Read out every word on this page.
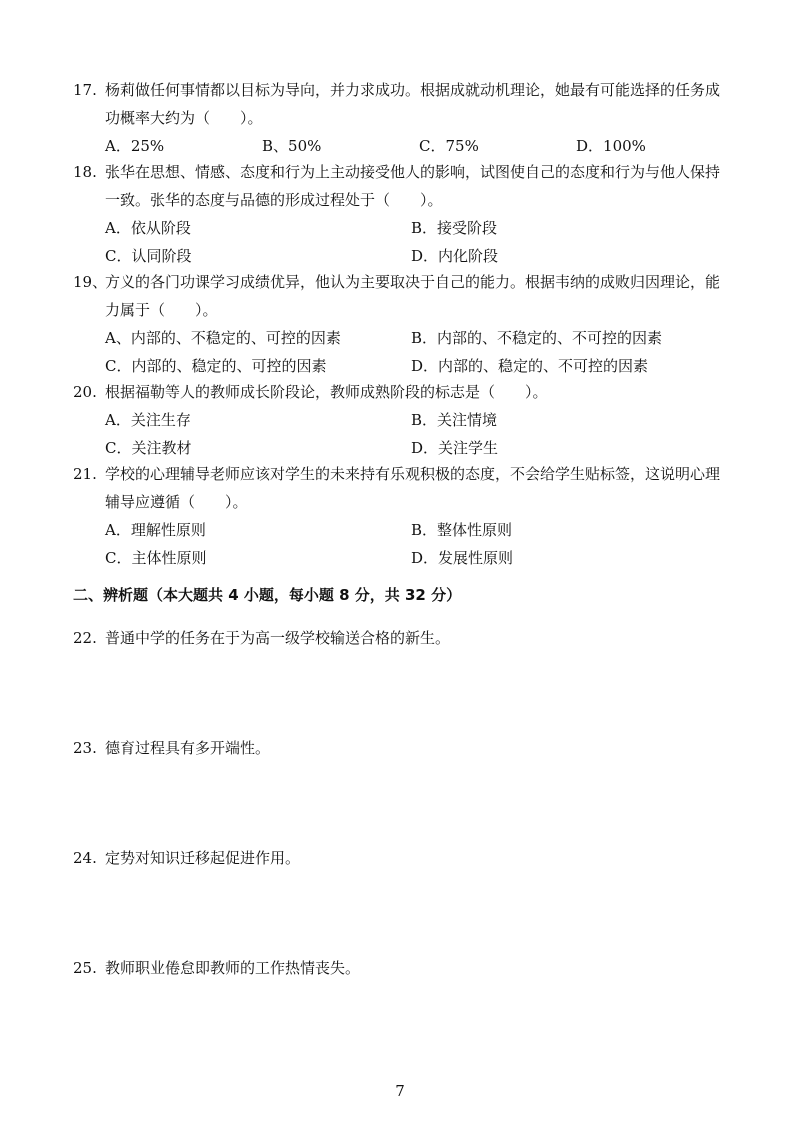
17. 杨莉做任何事情都以目标为导向，并力求成功。根据成就动机理论，她最有可能选择的任务成功概率大约为（　　）。
A．25%	B、50%	C．75%	D．100%
18. 张华在思想、情感、态度和行为上主动接受他人的影响，试图使自己的态度和行为与他人保持一致。张华的态度与品德的形成过程处于（　　）。
A．依从阶段	B．接受阶段
C．认同阶段	D．内化阶段
19、
方义的各门功课学习成绩优异，他认为主要取决于自己的能力。根据韦纳的成败归因理论，能力属于（　　）。
A、内部的、不稳定的、可控的因素	B．内部的、不稳定的、不可控的因素
C．内部的、稳定的、可控的因素	D．内部的、稳定的、不可控的因素
20. 根据福勒等人的教师成长阶段论，教师成熟阶段的标志是（　　）。
A．关注生存	B．关注情境
C．关注教材	D．关注学生
21. 学校的心理辅导老师应该对学生的未来持有乐观积极的态度，不会给学生贴标签，这说明心理辅导应遵循（　　）。
A．理解性原则	B．整体性原则
C．主体性原则	D．发展性原则
二、辨析题（本大题共 4 小题，每小题 8 分，共 32 分）
22. 普通中学的任务在于为高一级学校输送合格的新生。
23. 德育过程具有多开端性。
24. 定势对知识迁移起促进作用。
25. 教师职业倦怠即教师的工作热情丧失。
7
